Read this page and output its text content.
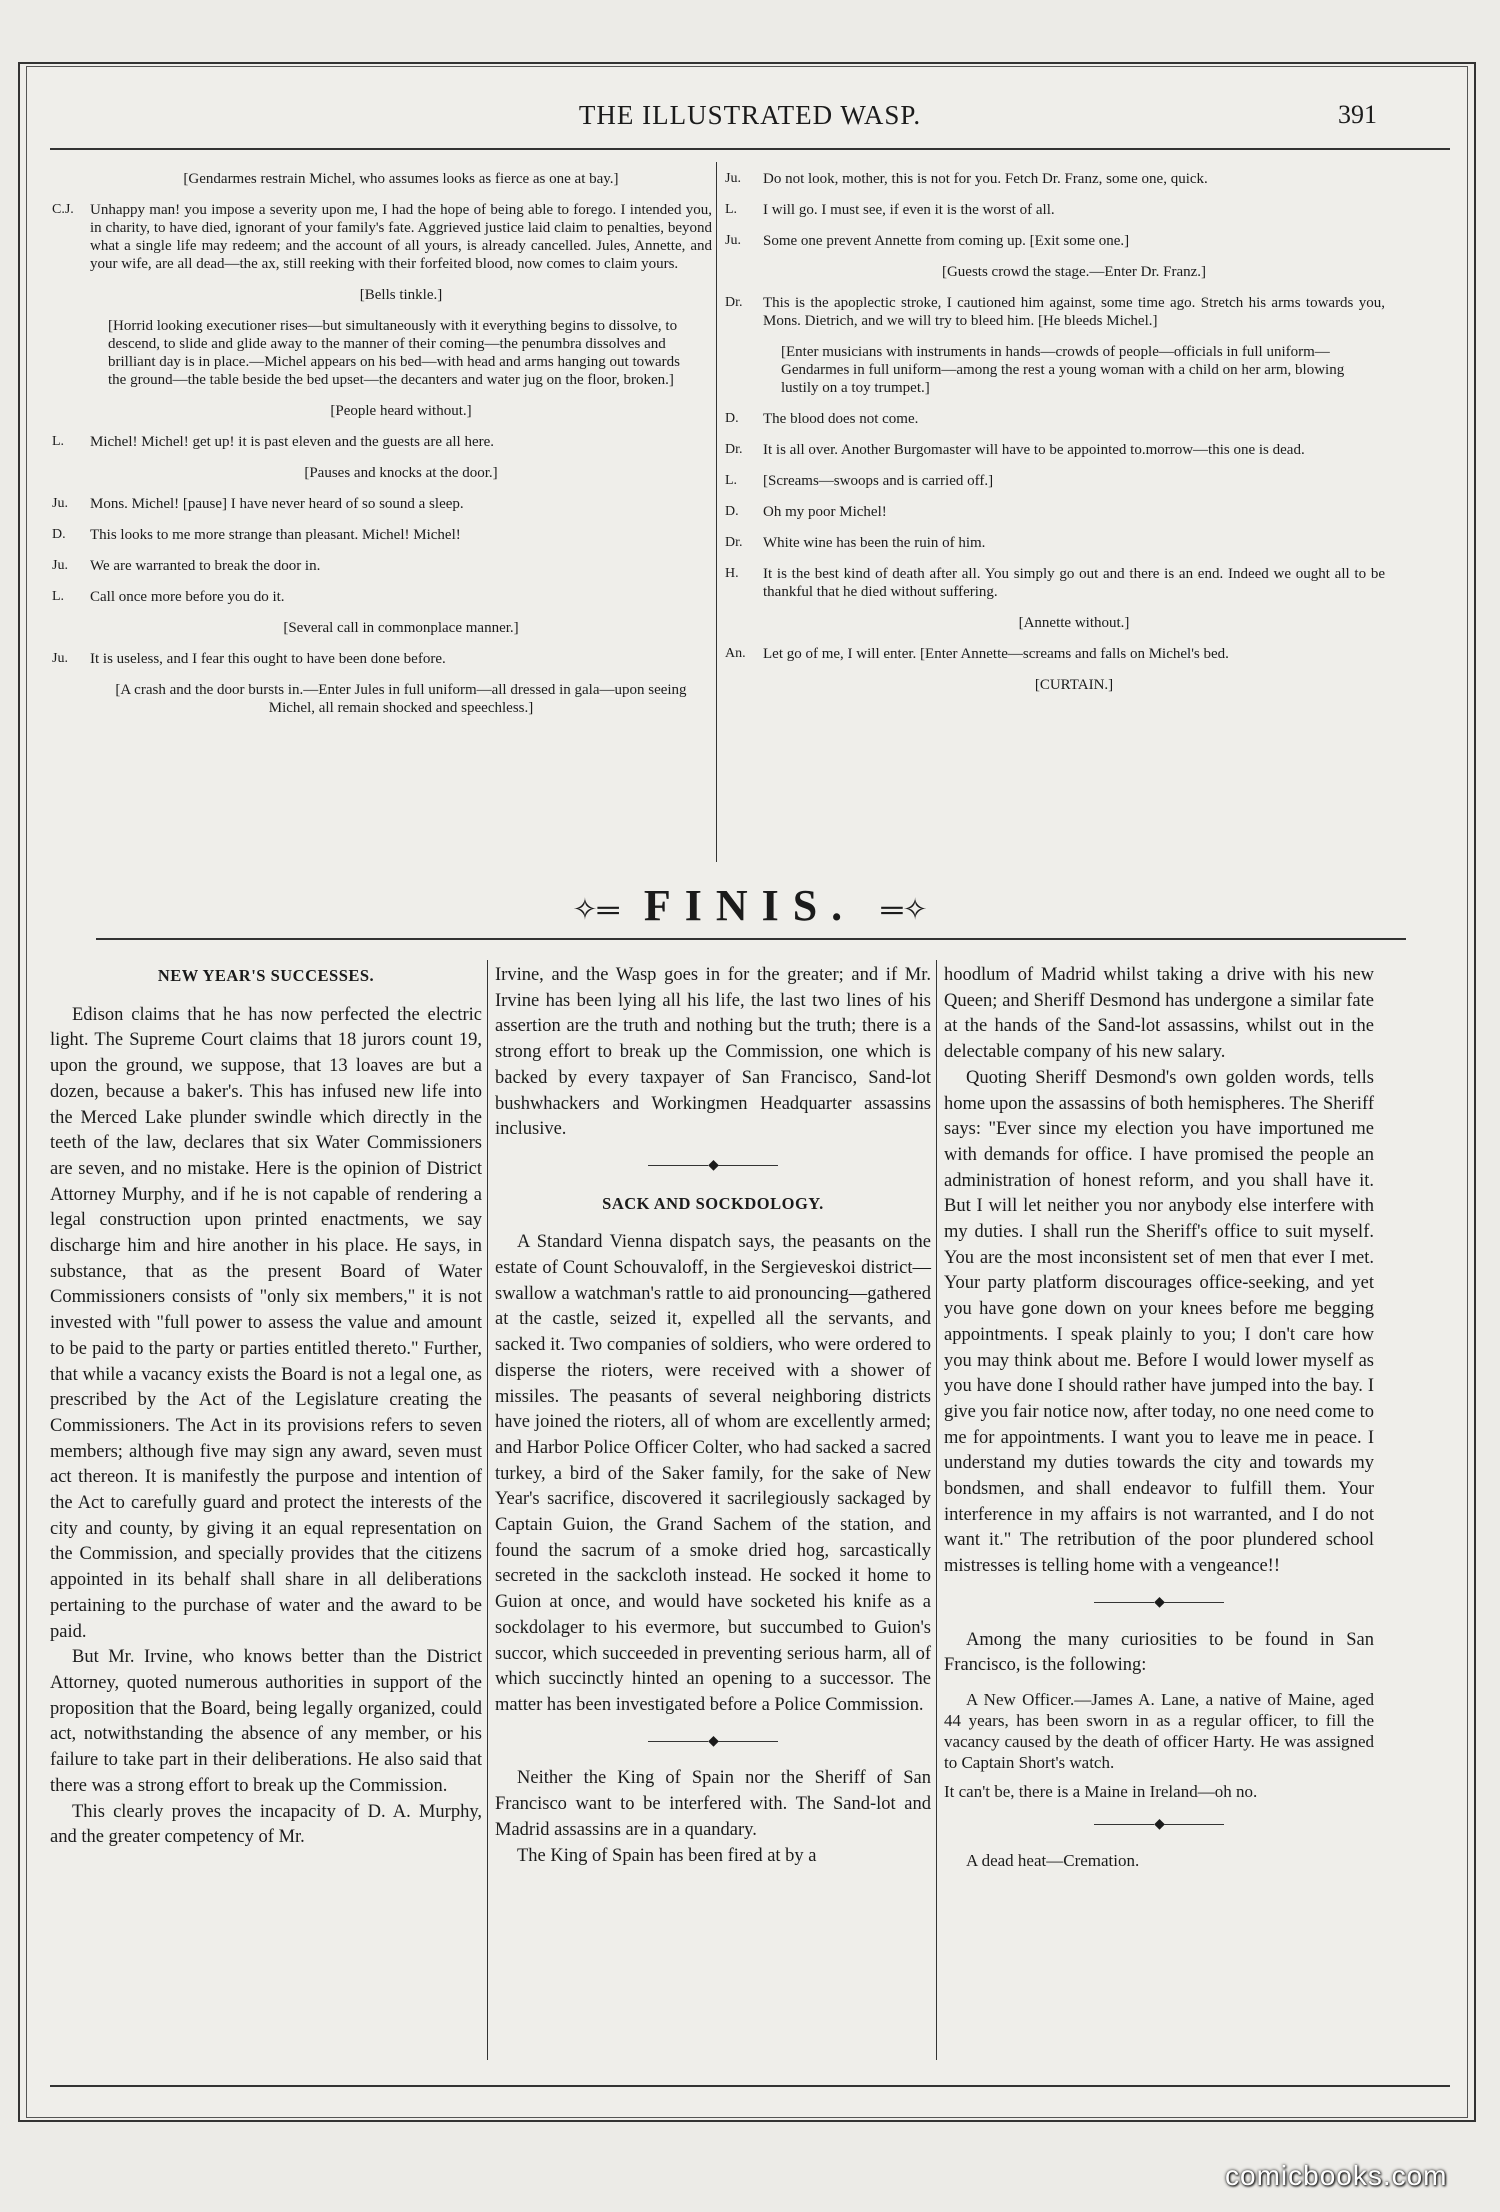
THE ILLUSTRATED WASP.	391
[Gendarmes restrain Michel, who assumes looks as fierce as one at bay.]
C.J.	Unhappy man! you impose a severity upon me, I had the hope of being able to forego. I intended you, in charity, to have died, ignorant of your family's fate. Aggrieved justice laid claim to penalties, beyond what a single life may redeem; and the account of all yours, is already cancelled. Jules, Annette, and your wife, are all dead—the ax, still reeking with their forfeited blood, now comes to claim yours.
[Bells tinkle.]
[Horrid looking executioner rises—but simultaneously with it everything begins to dissolve, to descend, to slide and glide away to the manner of their coming—the penumbra dissolves and brilliant day is in place.—Michel appears on his bed—with head and arms hanging out towards the ground—the table beside the bed upset—the decanters and water jug on the floor, broken.]
[People heard without.]
L.	Michel! Michel! get up! it is past eleven and the guests are all here.
[Pauses and knocks at the door.]
Ju.	Mons. Michel! [pause] I have never heard of so sound a sleep.
D.	This looks to me more strange than pleasant. Michel! Michel!
Ju.	We are warranted to break the door in.
L.	Call once more before you do it.
[Several call in commonplace manner.]
Ju.	It is useless, and I fear this ought to have been done before.
[A crash and the door bursts in.—Enter Jules in full uniform—all dressed in gala—upon seeing Michel, all remain shocked and speechless.]
Ju.	Do not look, mother, this is not for you. Fetch Dr. Franz, some one, quick.
L.	I will go. I must see, if even it is the worst of all.
Ju.	Some one prevent Annette from coming up. [Exit some one.]
[Guests crowd the stage.—Enter Dr. Franz.]
Dr.	This is the apoplectic stroke, I cautioned him against, some time ago. Stretch his arms towards you, Mons. Dietrich, and we will try to bleed him. [He bleeds Michel.]
[Enter musicians with instruments in hands—crowds of people—officials in full uniform—Gendarmes in full uniform—among the rest a young woman with a child on her arm, blowing lustily on a toy trumpet.]
D.	The blood does not come.
Dr.	It is all over. Another Burgomaster will have to be appointed to.morrow—this one is dead.
L.	[Screams—swoops and is carried off.]
D.	Oh my poor Michel!
Dr.	White wine has been the ruin of him.
H.	It is the best kind of death after all. You simply go out and there is an end. Indeed we ought all to be thankful that he died without suffering.
[Annette without.]
An.	Let go of me, I will enter. [Enter Annette—screams and falls on Michel's bed.
[CURTAIN.]
✧═ FINIS. ═✧
NEW YEAR'S SUCCESSES.

Edison claims that he has now perfected the electric light. The Supreme Court claims that 18 jurors count 19, upon the ground, we suppose, that 13 loaves are but a dozen, because a baker's. This has infused new life into the Merced Lake plunder swindle which directly in the teeth of the law, declares that six Water Commissioners are seven, and no mistake. Here is the opinion of District Attorney Murphy, and if he is not capable of rendering a legal construction upon printed enactments, we say discharge him and hire another in his place. He says, in substance, that as the present Board of Water Commissioners consists of "only six members," it is not invested with "full power to assess the value and amount to be paid to the party or parties entitled thereto." Further, that while a vacancy exists the Board is not a legal one, as prescribed by the Act of the Legislature creating the Commissioners. The Act in its provisions refers to seven members; although five may sign any award, seven must act thereon. It is manifestly the purpose and intention of the Act to carefully guard and protect the interests of the city and county, by giving it an equal representation on the Commission, and specially provides that the citizens appointed in its behalf shall share in all deliberations pertaining to the purchase of water and the award to be paid.

But Mr. Irvine, who knows better than the District Attorney, quoted numerous authorities in support of the proposition that the Board, being legally organized, could act, notwithstanding the absence of any member, or his failure to take part in their deliberations. He also said that there was a strong effort to break up the Commission.

This clearly proves the incapacity of D. A. Murphy, and the greater competency of Mr.

Irvine, and the Wasp goes in for the greater; and if Mr. Irvine has been lying all his life, the last two lines of his assertion are the truth and nothing but the truth; there is a strong effort to break up the Commission, one which is backed by every taxpayer of San Francisco, Sand-lot bushwhackers and Workingmen Headquarter assassins inclusive.

◆
SACK AND SOCKDOLOGY.

A Standard Vienna dispatch says, the peasants on the estate of Count Schouvaloff, in the Sergieveskoi district—swallow a watchman's rattle to aid pronouncing—gathered at the castle, seized it, expelled all the servants, and sacked it. Two companies of soldiers, who were ordered to disperse the rioters, were received with a shower of missiles. The peasants of several neighboring districts have joined the rioters, all of whom are excellently armed; and Harbor Police Officer Colter, who had sacked a sacred turkey, a bird of the Saker family, for the sake of New Year's sacrifice, discovered it sacrilegiously sackaged by Captain Guion, the Grand Sachem of the station, and found the sacrum of a smoke dried hog, sarcastically secreted in the sackcloth instead. He socked it home to Guion at once, and would have socketed his knife as a sockdolager to his evermore, but succumbed to Guion's succor, which succeeded in preventing serious harm, all of which succinctly hinted an opening to a successor. The matter has been investigated before a Police Commission.

◆

Neither the King of Spain nor the Sheriff of San Francisco want to be interfered with. The Sand-lot and Madrid assassins are in a quandary.

The King of Spain has been fired at by a

hoodlum of Madrid whilst taking a drive with his new Queen; and Sheriff Desmond has undergone a similar fate at the hands of the Sand-lot assassins, whilst out in the delectable company of his new salary.

Quoting Sheriff Desmond's own golden words, tells home upon the assassins of both hemispheres. The Sheriff says: "Ever since my election you have importuned me with demands for office. I have promised the people an administration of honest reform, and you shall have it. But I will let neither you nor anybody else interfere with my duties. I shall run the Sheriff's office to suit myself. You are the most inconsistent set of men that ever I met. Your party platform discourages office-seeking, and yet you have gone down on your knees before me begging appointments. I speak plainly to you; I don't care how you may think about me. Before I would lower myself as you have done I should rather have jumped into the bay. I give you fair notice now, after today, no one need come to me for appointments. I want you to leave me in peace. I understand my duties towards the city and towards my bondsmen, and shall endeavor to fulfill them. Your interference in my affairs is not warranted, and I do not want it." The retribution of the poor plundered school mistresses is telling home with a vengeance!!

◆

Among the many curiosities to be found in San Francisco, is the following:

A New Officer.—James A. Lane, a native of Maine, aged 44 years, has been sworn in as a regular officer, to fill the vacancy caused by the death of officer Harty. He was assigned to Captain Short's watch.

It can't be, there is a Maine in Ireland—oh no.

◆

A dead heat—Cremation.

comicbooks.com
